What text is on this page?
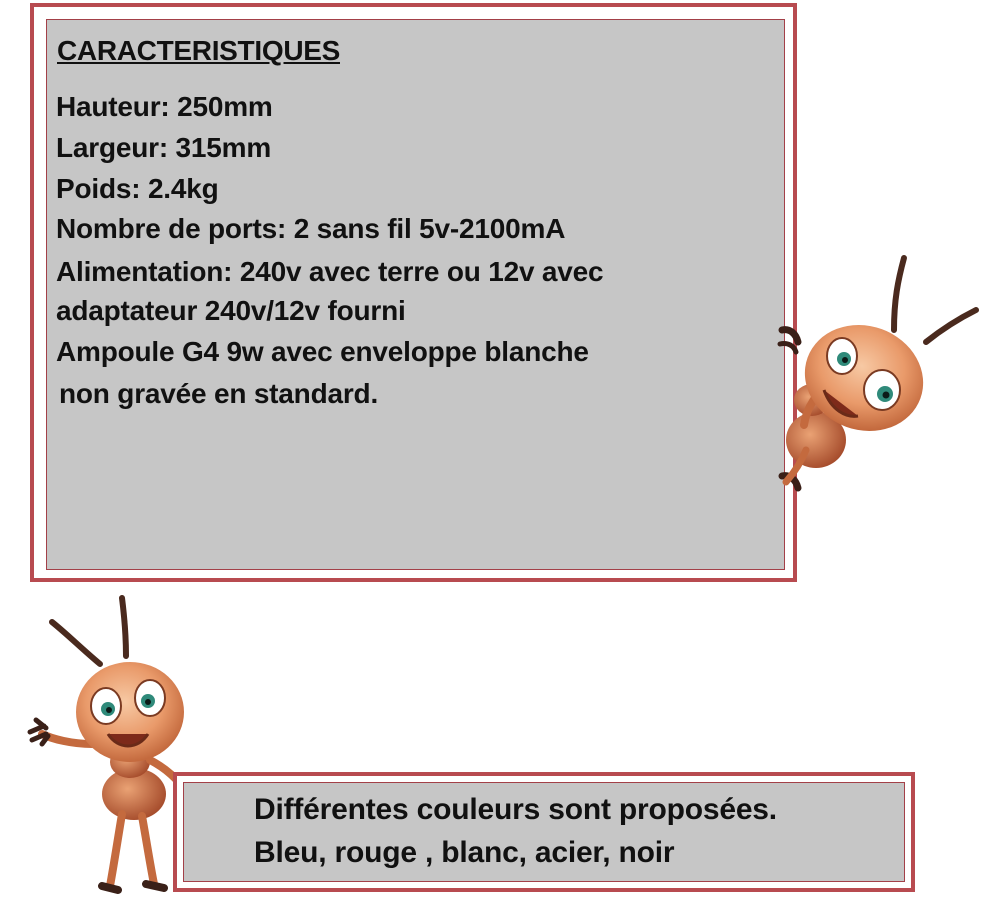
CARACTERISTIQUES

Hauteur: 250mm

Largeur: 315mm

Poids: 2.4kg

Nombre de ports: 2 sans fil 5v-2100mA

Alimentation: 240v avec terre ou 12v avec

adaptateur 240v/12v fourni

Ampoule G4 9w avec enveloppe blanche

non gravée en standard.

Différentes couleurs sont proposées.

Bleu, rouge , blanc, acier, noir
